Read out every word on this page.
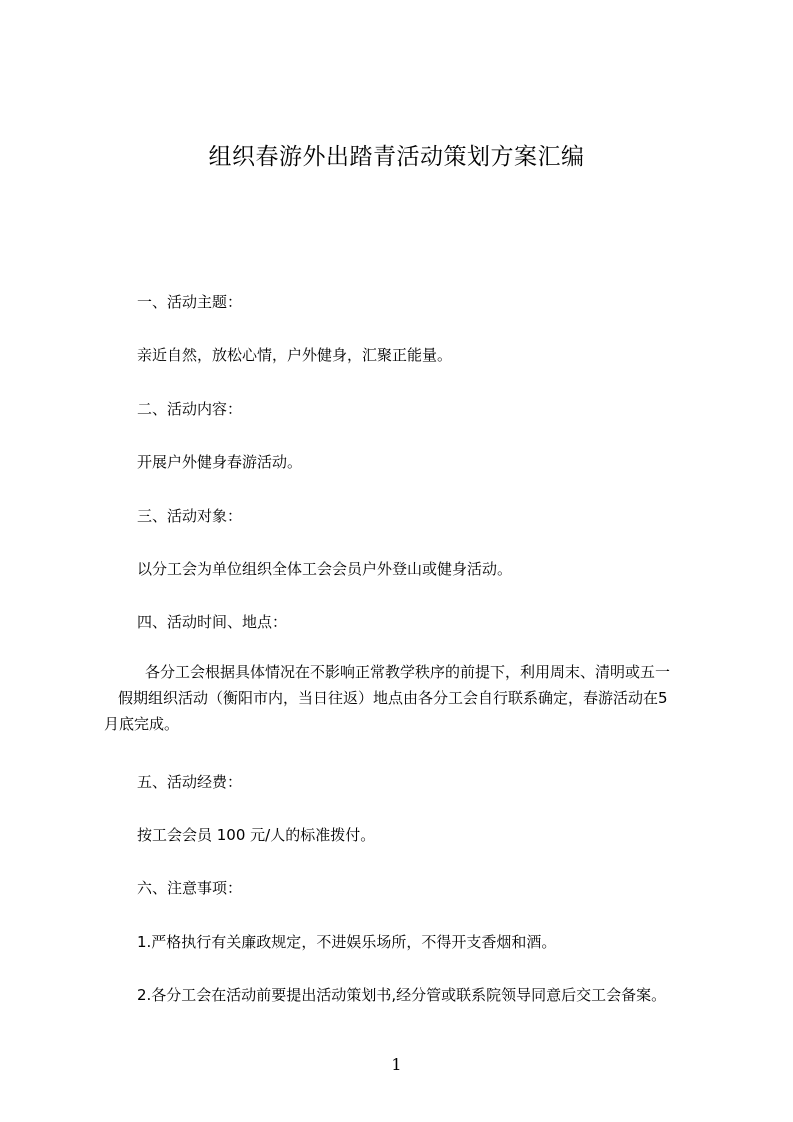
组织春游外出踏青活动策划方案汇编

一、活动主题：

亲近自然，放松心情，户外健身，汇聚正能量。

二、活动内容：

开展户外健身春游活动。

三、活动对象：

以分工会为单位组织全体工会会员户外登山或健身活动。

四、活动时间、地点：

　各分工会根据具体情况在不影响正常教学秩序的前提下，利用周末、清明或五一
假期组织活动（衡阳市内，当日往返）地点由各分工会自行联系确定，春游活动在5
月底完成。

五、活动经费：

按工会会员 100 元/人的标准拨付。

六、注意事项：

1.严格执行有关廉政规定，不进娱乐场所，不得开支香烟和酒。

2.各分工会在活动前要提出活动策划书,经分管或联系院领导同意后交工会备案。

1
